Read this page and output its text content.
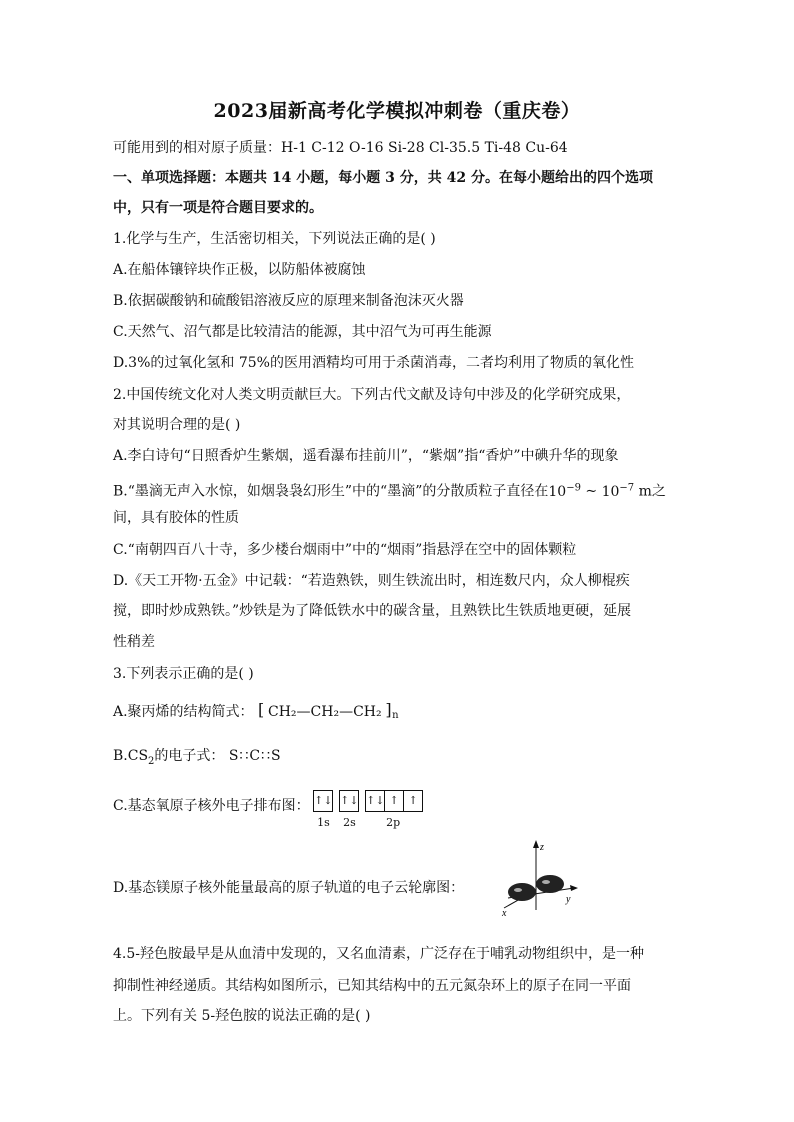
2023届新高考化学模拟冲刺卷（重庆卷）
可能用到的相对原子质量：H-1 C-12 O-16 Si-28 Cl-35.5 Ti-48 Cu-64
一、单项选择题：本题共 14 小题，每小题 3 分，共 42 分。在每小题给出的四个选项
中，只有一项是符合题目要求的。
1.化学与生产，生活密切相关，下列说法正确的是( )
A.在船体镶锌块作正极，以防船体被腐蚀
B.依据碳酸钠和硫酸铝溶液反应的原理来制备泡沫灭火器
C.天然气、沼气都是比较清洁的能源，其中沼气为可再生能源
D.3%的过氧化氢和 75%的医用酒精均可用于杀菌消毒，二者均利用了物质的氧化性
2.中国传统文化对人类文明贡献巨大。下列古代文献及诗句中涉及的化学研究成果，
对其说明合理的是( )
A.李白诗句“日照香炉生紫烟，遥看瀑布挂前川”，“紫烟”指“香炉”中碘升华的现象
B.“墨滴无声入水惊，如烟袅袅幻形生”中的“墨滴”的分散质粒子直径在$10^{-9}$ ~ $10^{-7}$ m之
间，具有胶体的性质
C.“南朝四百八十寺，多少楼台烟雨中”中的“烟雨”指悬浮在空中的固体颗粒
D.《天工开物·五金》中记载：“若造熟铁，则生铁流出时，相连数尺内，众人柳棍疾
搅，即时炒成熟铁。”炒铁是为了降低铁水中的碳含量，且熟铁比生铁质地更硬，延展
性稍差
3.下列表示正确的是( )
A.聚丙烯的结构简式： [ CH₂—CH₂—CH₂ ] n
$B.CS_2$的电子式： S∷C∷S
C.基态氧原子核外电子排布图： ↑↓ ↑↓ ↑↓ ↑ ↑
1s 2s	2p
D.基态镁原子核外能量最高的原子轨道的电子云轮廓图：
z
y
x
4.5-羟色胺最早是从血清中发现的，又名血清素，广泛存在于哺乳动物组织中，是一种
抑制性神经递质。其结构如图所示，已知其结构中的五元氮杂环上的原子在同一平面
上。下列有关 5-羟色胺的说法正确的是( )
